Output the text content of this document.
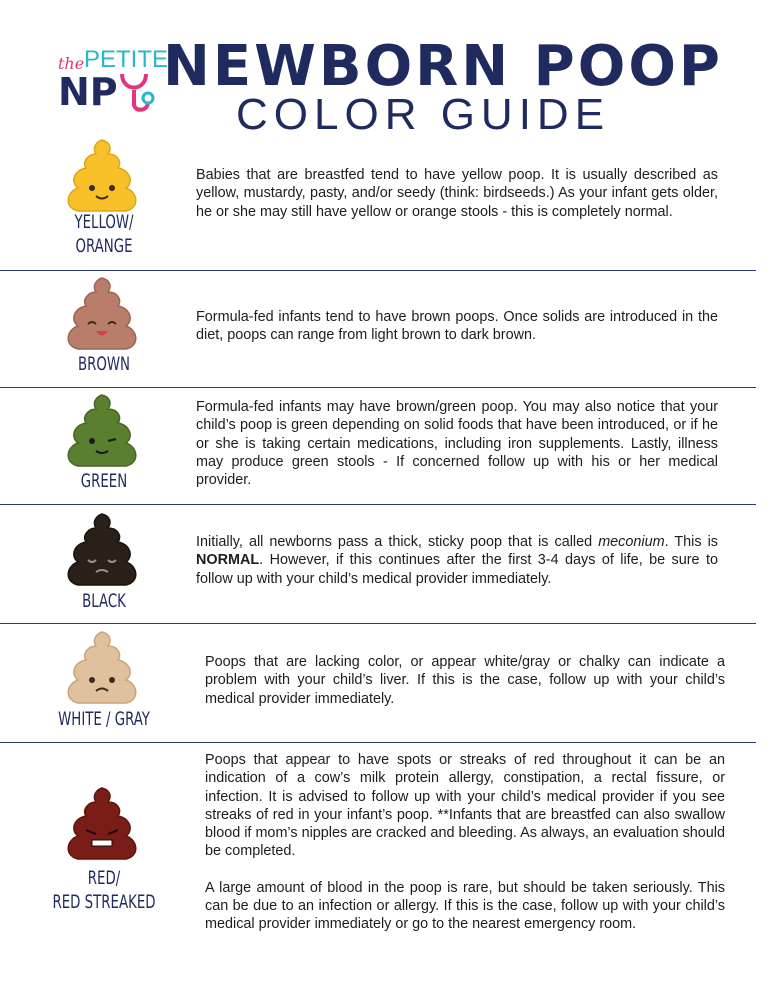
the PETITE
NP NEWBORN POOP
COLOR GUIDE
YELLOW/
ORANGE
Babies that are breastfed tend to have yellow poop. It is usually described as yellow, mustardy, pasty, and/or seedy (think: birdseeds.) As your infant gets older, he or she may still have yellow or orange stools - this is completely normal.
BROWN
Formula-fed infants tend to have brown poops. Once solids are introduced in the diet, poops can range from light brown to dark brown.
GREEN
Formula-fed infants may have brown/green poop. You may also notice that your child’s poop is green depending on solid foods that have been introduced, or if he or she is taking certain medications, including iron supplements. Lastly, illness may produce green stools - If concerned follow up with his or her medical provider.
BLACK
Initially, all newborns pass a thick, sticky poop that is called meconium. This is NORMAL. However, if this continues after the first 3-4 days of life, be sure to follow up with your child’s medical provider immediately.
WHITE / GRAY
Poops that are lacking color, or appear white/gray or chalky can indicate a problem with your child’s liver. If this is the case, follow up with your child’s medical provider immediately.
RED/
RED STREAKED

Poops that appear to have spots or streaks of red throughout it can be an indication of a cow’s milk protein allergy, constipation, a rectal fissure, or infection. It is advised to follow up with your child’s medical provider if you see streaks of red in your infant’s poop. **Infants that are breastfed can also swallow blood if mom’s nipples are cracked and bleeding. As always, an evaluation should be completed.

A large amount of blood in the poop is rare, but should be taken seriously. This can be due to an infection or allergy. If this is the case, follow up with your child’s medical provider immediately or go to the nearest emergency room.
